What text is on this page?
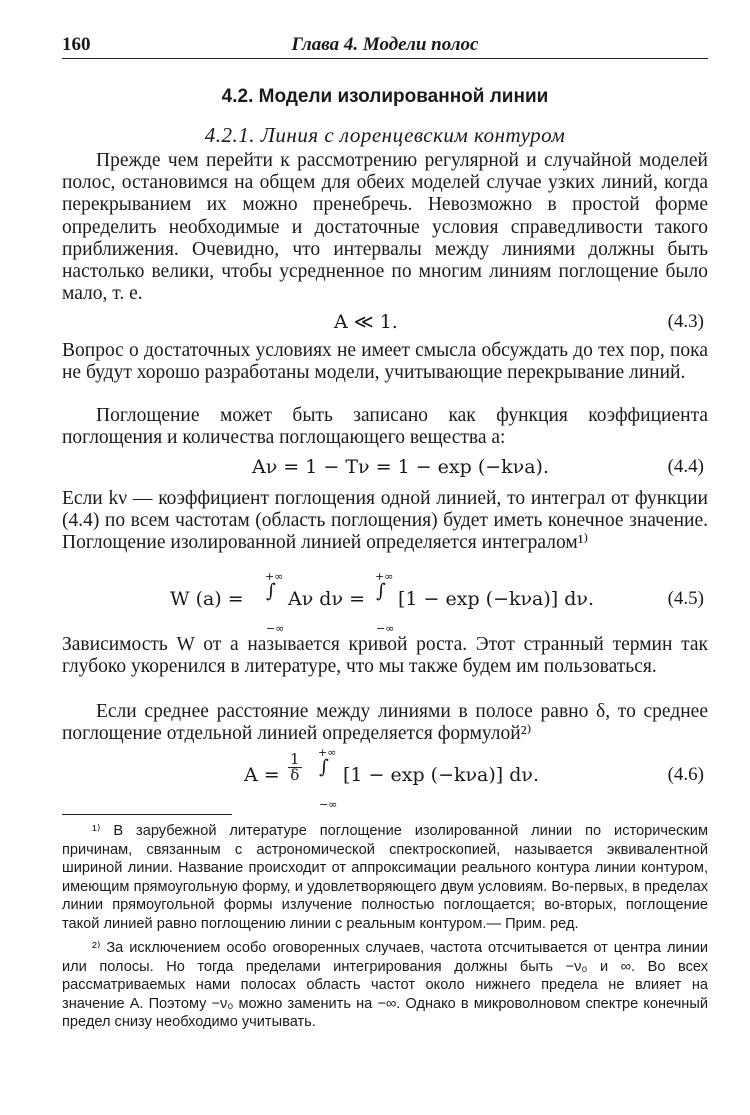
160	Глава 4. Модели полос
4.2. Модели изолированной линии
4.2.1. Линия с лоренцевским контуром

Прежде чем перейти к рассмотрению регулярной и случайной моделей полос, остановимся на общем для обеих моделей случае узких линий, когда перекрыванием их можно пренебречь. Невозможно в простой форме определить необходимые и достаточные условия справедливости такого приближения. Очевидно, что интервалы между линиями должны быть настолько велики, чтобы усредненное по многим линиям поглощение было мало, т. е.

A ≪ 1.	(4.3)

Вопрос о достаточных условиях не имеет смысла обсуждать до тех пор, пока не будут хорошо разработаны модели, учитывающие перекрывание линий.

Поглощение может быть записано как функция коэффициента поглощения и количества поглощающего вещества a:

Aν = 1 − Tν = 1 − exp (−kνa).	(4.4)

Если kν — коэффициент поглощения одной линией, то интеграл от функции (4.4) по всем частотам (область поглощения) будет иметь конечное значение. Поглощение изолированной линией определяется интегралом¹⁾

W (a) =
+∞
∫
−∞
Aν dν =
+∞
∫
−∞
[1 − exp (−kνa)] dν.	(4.5)

Зависимость W от a называется кривой роста. Этот странный термин так глубоко укоренился в литературе, что мы также будем им пользоваться.

Если среднее расстояние между линиями в полосе равно δ, то среднее поглощение отдельной линией определяется формулой²⁾

$A = \frac{1}{\delta}$ +∞
∫
−∞
[1 − exp (−kνa)] dν.	(4.6)

¹⁾ В зарубежной литературе поглощение изолированной линии по историческим причинам, связанным с астрономической спектроскопией, называется эквивалентной шириной линии. Название происходит от аппроксимации реального контура линии контуром, имеющим прямоугольную форму, и удовлетворяющего двум условиям. Во-первых, в пределах линии прямоугольной формы излучение полностью поглощается; во-вторых, поглощение такой линией равно поглощению линии с реальным контуром.— Прим. ред.

²⁾ За исключением особо оговоренных случаев, частота отсчитывается от центра линии или полосы. Но тогда пределами интегрирования должны быть −ν₀ и ∞. Во всех рассматриваемых нами полосах область частот около нижнего предела не влияет на значение A. Поэтому −ν₀ можно заменить на −∞. Однако в микроволновом спектре конечный предел снизу необходимо учитывать.
